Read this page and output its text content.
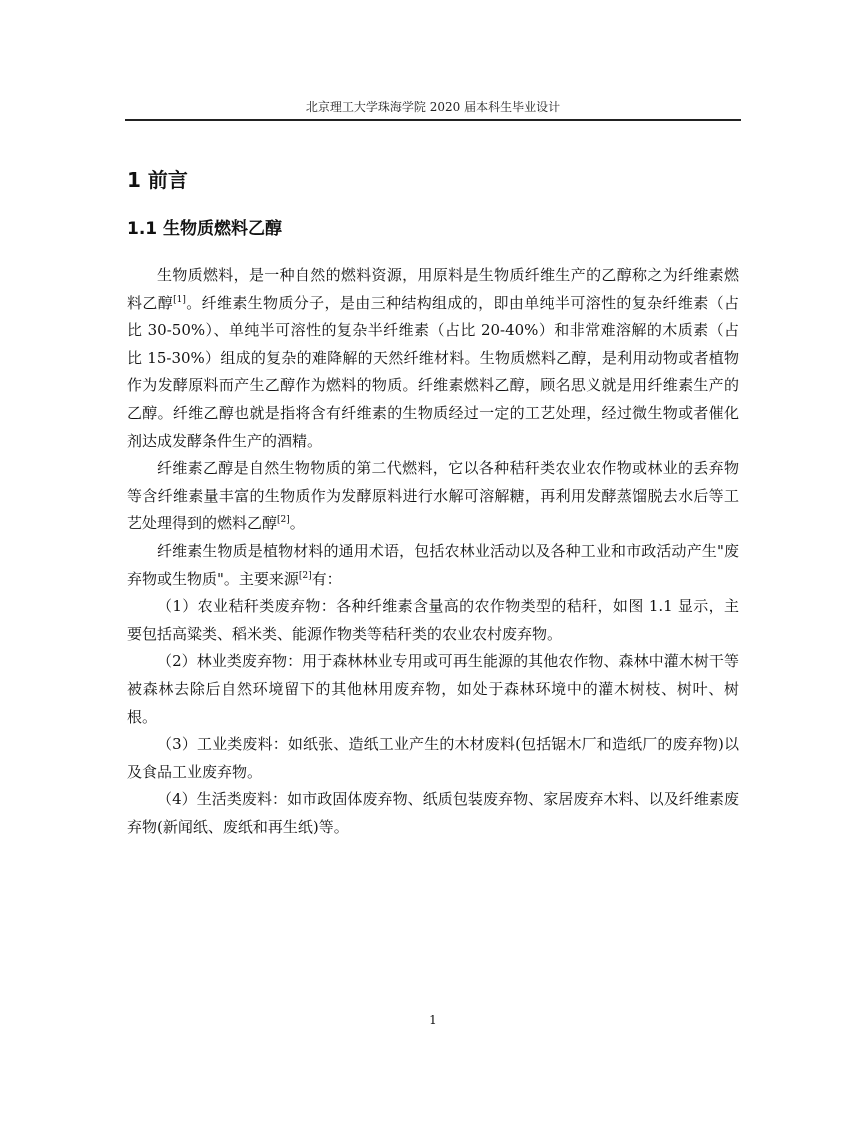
北京理工大学珠海学院 2020 届本科生毕业设计
1 前言
1.1 生物质燃料乙醇

生物质燃料，是一种自然的燃料资源，用原料是生物质纤维生产的乙醇称之为纤维素燃料乙醇[1]。纤维素生物质分子，是由三种结构组成的，即由单纯半可溶性的复杂纤维素（占比 30-50%）、单纯半可溶性的复杂半纤维素（占比 20-40%）和非常难溶解的木质素（占比 15-30%）组成的复杂的难降解的天然纤维材料。生物质燃料乙醇，是利用动物或者植物作为发酵原料而产生乙醇作为燃料的物质。纤维素燃料乙醇，顾名思义就是用纤维素生产的乙醇。纤维乙醇也就是指将含有纤维素的生物质经过一定的工艺处理，经过微生物或者催化剂达成发酵条件生产的酒精。

纤维素乙醇是自然生物物质的第二代燃料，它以各种秸秆类农业农作物或林业的丢弃物等含纤维素量丰富的生物质作为发酵原料进行水解可溶解糖，再利用发酵蒸馏脱去水后等工艺处理得到的燃料乙醇[2]。

纤维素生物质是植物材料的通用术语，包括农林业活动以及各种工业和市政活动产生"废弃物或生物质"。主要来源[2]有：

（1）农业秸秆类废弃物：各种纤维素含量高的农作物类型的秸秆，如图 1.1 显示，主要包括高粱类、稻米类、能源作物类等秸秆类的农业农村废弃物。

（2）林业类废弃物：用于森林林业专用或可再生能源的其他农作物、森林中灌木树干等被森林去除后自然环境留下的其他林用废弃物，如处于森林环境中的灌木树枝、树叶、树根。

（3）工业类废料：如纸张、造纸工业产生的木材废料(包括锯木厂和造纸厂的废弃物)以及食品工业废弃物。

（4）生活类废料：如市政固体废弃物、纸质包装废弃物、家居废弃木料、以及纤维素废弃物(新闻纸、废纸和再生纸)等。

1
